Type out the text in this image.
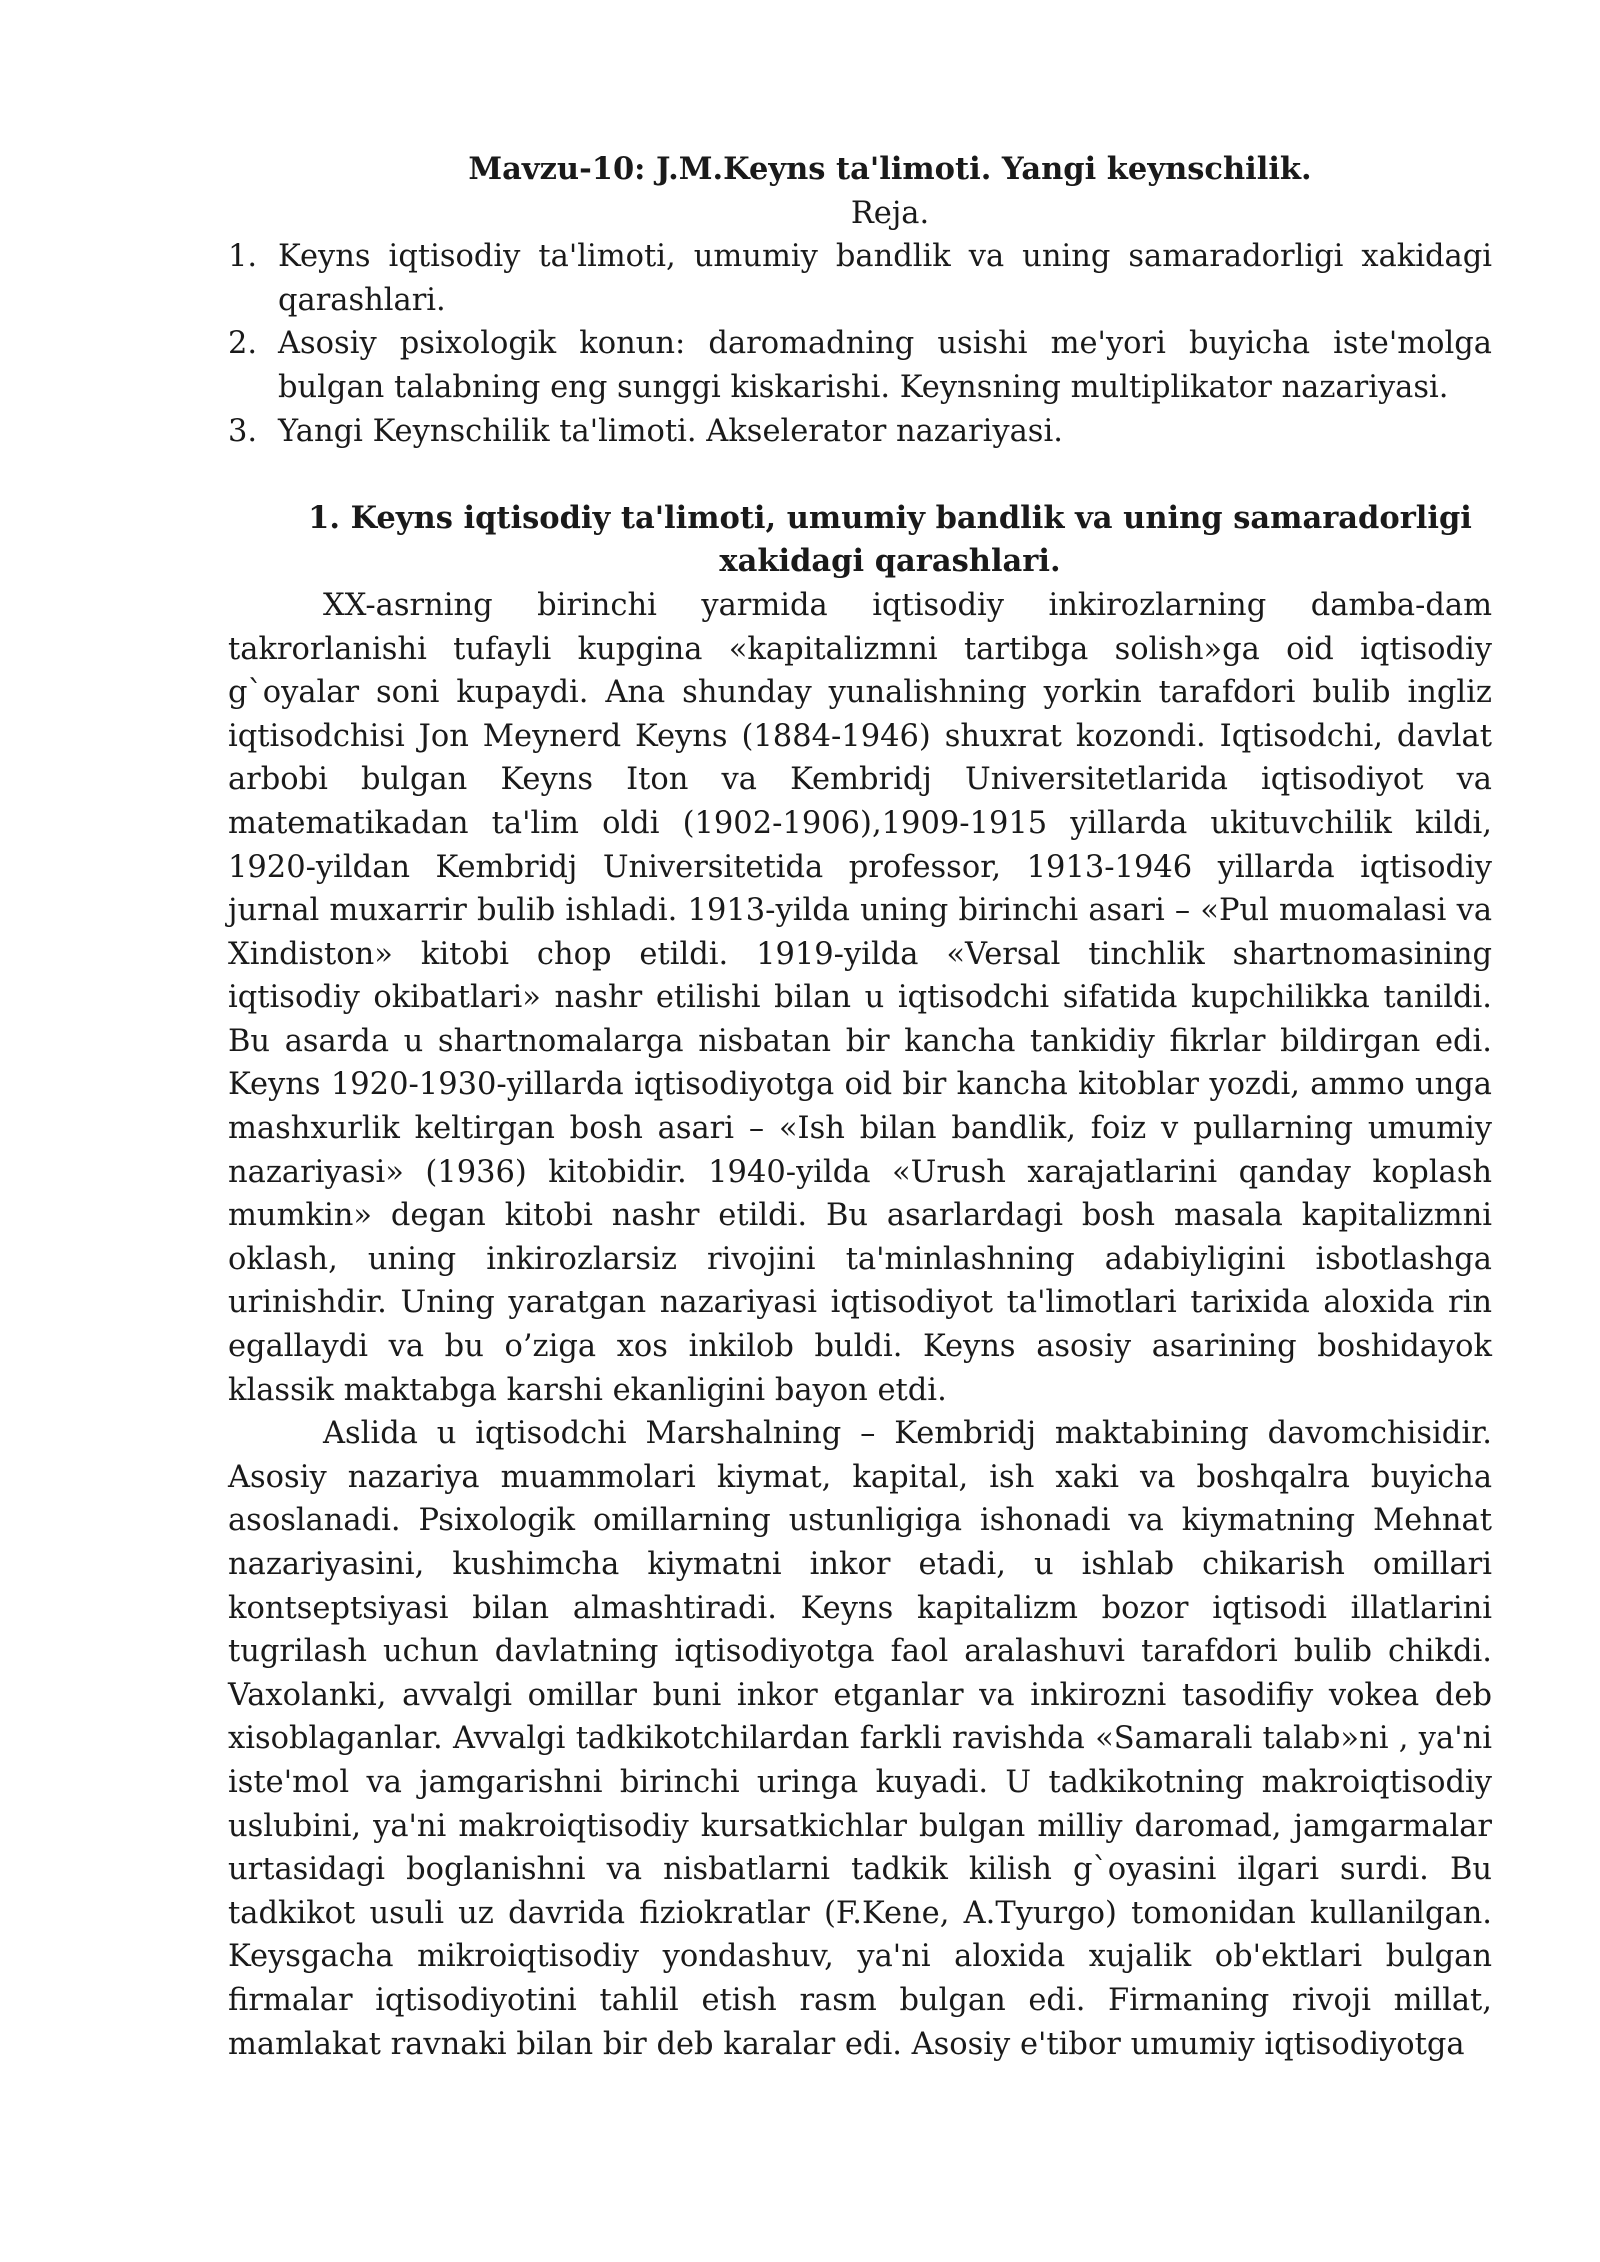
Mavzu-10: J.M.Keyns ta'limoti. Yangi keynschilik.

Reja.

1. Keyns iqtisodiy ta'limoti, umumiy bandlik va uning samaradorligi xakidagi qarashlari.
2. Asosiy psixologik konun: daromadning usishi me'yori buyicha iste'molga bulgan talabning eng sunggi kiskarishi. Keynsning multiplikator nazariyasi.
3. Yangi Keynschilik ta'limoti. Akselerator nazariyasi.

1. Keyns iqtisodiy ta'limoti, umumiy bandlik va uning samaradorligi xakidagi qarashlari.

XX-asrning birinchi yarmida iqtisodiy inkirozlarning damba-dam takrorlanishi tufayli kupgina «kapitalizmni tartibga solish»ga oid iqtisodiy g`oyalar soni kupaydi. Ana shunday yunalishning yorkin tarafdori bulib ingliz iqtisodchisi Jon Meynerd Keyns (1884-1946) shuxrat kozondi. Iqtisodchi, davlat arbobi bulgan Keyns Iton va Kembridj Universitetlarida iqtisodiyot va matematikadan ta'lim oldi (1902-1906),1909-1915 yillarda ukituvchilik kildi, 1920-yildan Kembridj Universitetida professor, 1913-1946 yillarda iqtisodiy jurnal muxarrir bulib ishladi. 1913-yilda uning birinchi asari – «Pul muomalasi va Xindiston» kitobi chop etildi. 1919-yilda «Versal tinchlik shartnomasining iqtisodiy okibatlari» nashr etilishi bilan u iqtisodchi sifatida kupchilikka tanildi. Bu asarda u shartnomalarga nisbatan bir kancha tankidiy fikrlar bildirgan edi. Keyns 1920-1930-yillarda iqtisodiyotga oid bir kancha kitoblar yozdi, ammo unga mashxurlik keltirgan bosh asari – «Ish bilan bandlik, foiz v pullarning umumiy nazariyasi» (1936) kitobidir. 1940-yilda «Urush xarajatlarini qanday koplash mumkin» degan kitobi nashr etildi. Bu asarlardagi bosh masala kapitalizmni oklash, uning inkirozlarsiz rivojini ta'minlashning adabiyligini isbotlashga urinishdir. Uning yaratgan nazariyasi iqtisodiyot ta'limotlari tarixida aloxida rin egallaydi va bu o’ziga xos inkilob buldi. Keyns asosiy asarining boshidayok klassik maktabga karshi ekanligini bayon etdi.

Aslida u iqtisodchi Marshalning – Kembridj maktabining davomchisidir. Asosiy nazariya muammolari kiymat, kapital, ish xaki va boshqalra buyicha asoslanadi. Psixologik omillarning ustunligiga ishonadi va kiymatning Mehnat nazariyasini, kushimcha kiymatni inkor etadi, u ishlab chikarish omillari kontseptsiyasi bilan almashtiradi. Keyns kapitalizm bozor iqtisodi illatlarini tugrilash uchun davlatning iqtisodiyotga faol aralashuvi tarafdori bulib chikdi. Vaxolanki, avvalgi omillar buni inkor etganlar va inkirozni tasodifiy vokea deb xisoblaganlar. Avvalgi tadkikotchilardan farkli ravishda «Samarali talab»ni , ya'ni iste'mol va jamgarishni birinchi uringa kuyadi. U tadkikotning makroiqtisodiy uslubini, ya'ni makroiqtisodiy kursatkichlar bulgan milliy daromad, jamgarmalar urtasidagi boglanishni va nisbatlarni tadkik kilish g`oyasini ilgari surdi. Bu tadkikot usuli uz davrida fiziokratlar (F.Kene, A.Tyurgo) tomonidan kullanilgan. Keysgacha mikroiqtisodiy yondashuv, ya'ni aloxida xujalik ob'ektlari bulgan firmalar iqtisodiyotini tahlil etish rasm bulgan edi. Firmaning rivoji millat, mamlakat ravnaki bilan bir deb karalar edi. Asosiy e'tibor umumiy iqtisodiyotga
